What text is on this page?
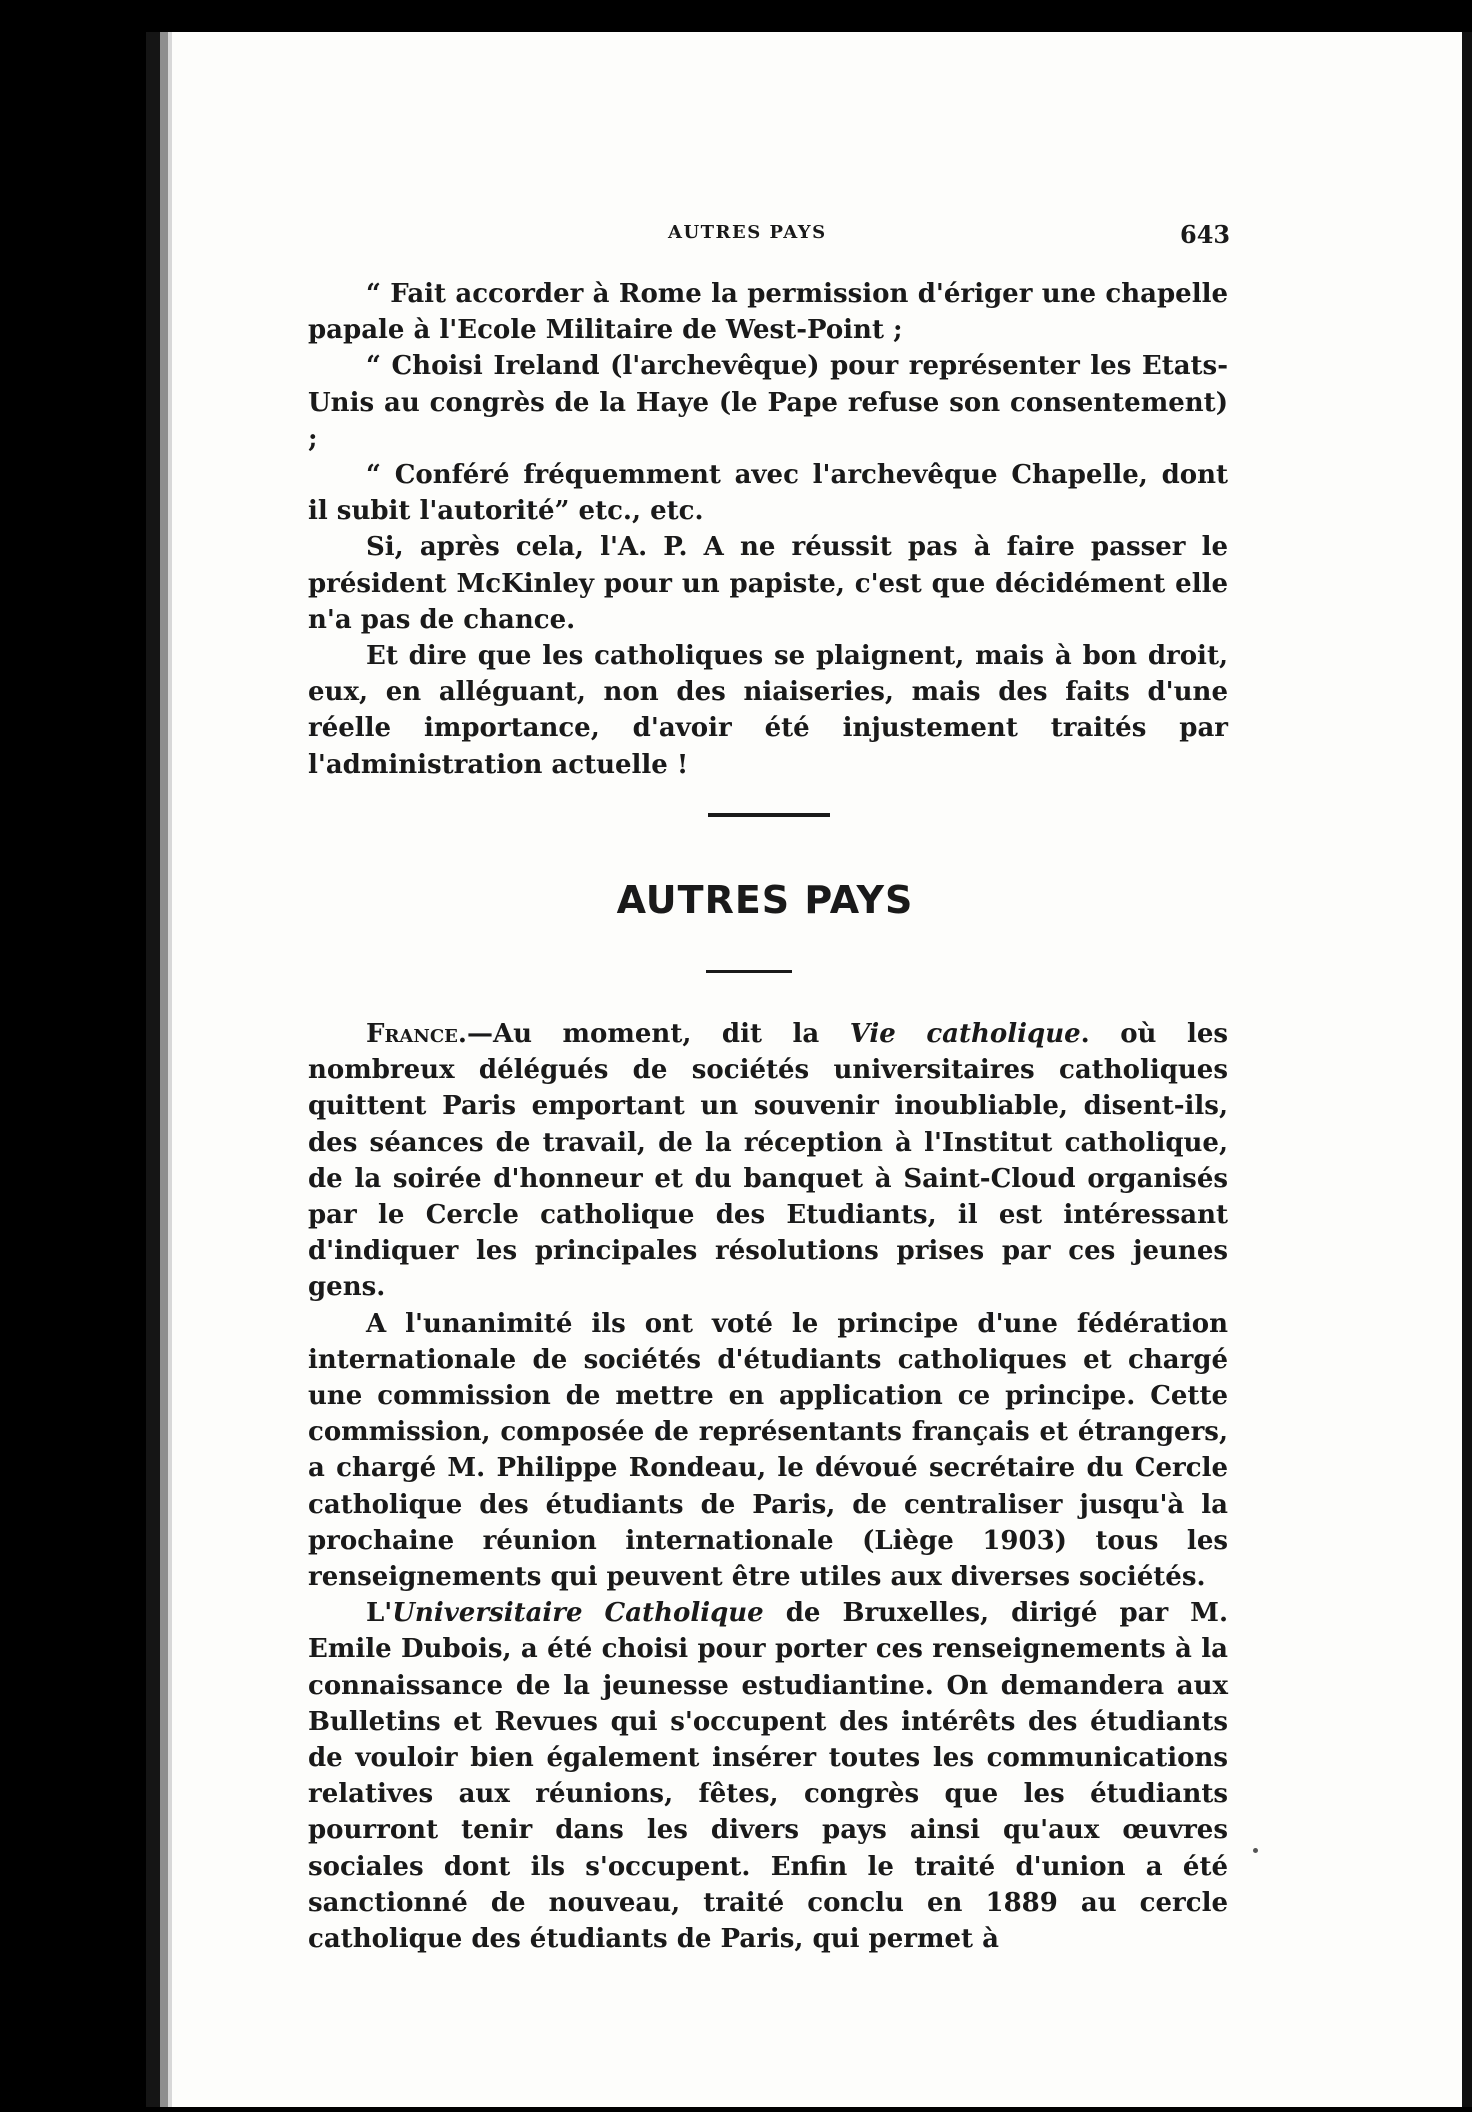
AUTRES PAYS	643

“ Fait accorder à Rome la permission d'ériger une chapelle papale à l'Ecole Militaire de West-Point ;

“ Choisi Ireland (l'archevêque) pour représenter les Etats-Unis au congrès de la Haye (le Pape refuse son consentement) ;

“ Conféré fréquemment avec l'archevêque Chapelle, dont il subit l'autorité” etc., etc.

Si, après cela, l'A. P. A ne réussit pas à faire passer le président McKinley pour un papiste, c'est que décidément elle n'a pas de chance.

Et dire que les catholiques se plaignent, mais à bon droit, eux, en alléguant, non des niaiseries, mais des faits d'une réelle importance, d'avoir été injustement traités par l'administration actuelle !

AUTRES PAYS

France.—Au moment, dit la Vie catholique. où les nombreux délégués de sociétés universitaires catholiques quittent Paris emportant un souvenir inoubliable, disent-ils, des séances de travail, de la réception à l'Institut catholique, de la soirée d'honneur et du banquet à Saint-Cloud organisés par le Cercle catholique des Etudiants, il est intéressant d'indiquer les principales résolutions prises par ces jeunes gens.

A l'unanimité ils ont voté le principe d'une fédération internationale de sociétés d'étudiants catholiques et chargé une commission de mettre en application ce principe. Cette commission, composée de représentants français et étrangers, a chargé M. Philippe Rondeau, le dévoué secrétaire du Cercle catholique des étudiants de Paris, de centraliser jusqu'à la prochaine réunion internationale (Liège 1903) tous les renseignements qui peuvent être utiles aux diverses sociétés.

L'Universitaire Catholique de Bruxelles, dirigé par M. Emile Dubois, a été choisi pour porter ces renseignements à la connaissance de la jeunesse estudiantine. On demandera aux Bulletins et Revues qui s'occupent des intérêts des étudiants de vouloir bien également insérer toutes les communications relatives aux réunions, fêtes, congrès que les étudiants pourront tenir dans les divers pays ainsi qu'aux œuvres sociales dont ils s'occupent. Enfin le traité d'union a été sanctionné de nouveau, traité conclu en 1889 au cercle catholique des étudiants de Paris, qui permet à
